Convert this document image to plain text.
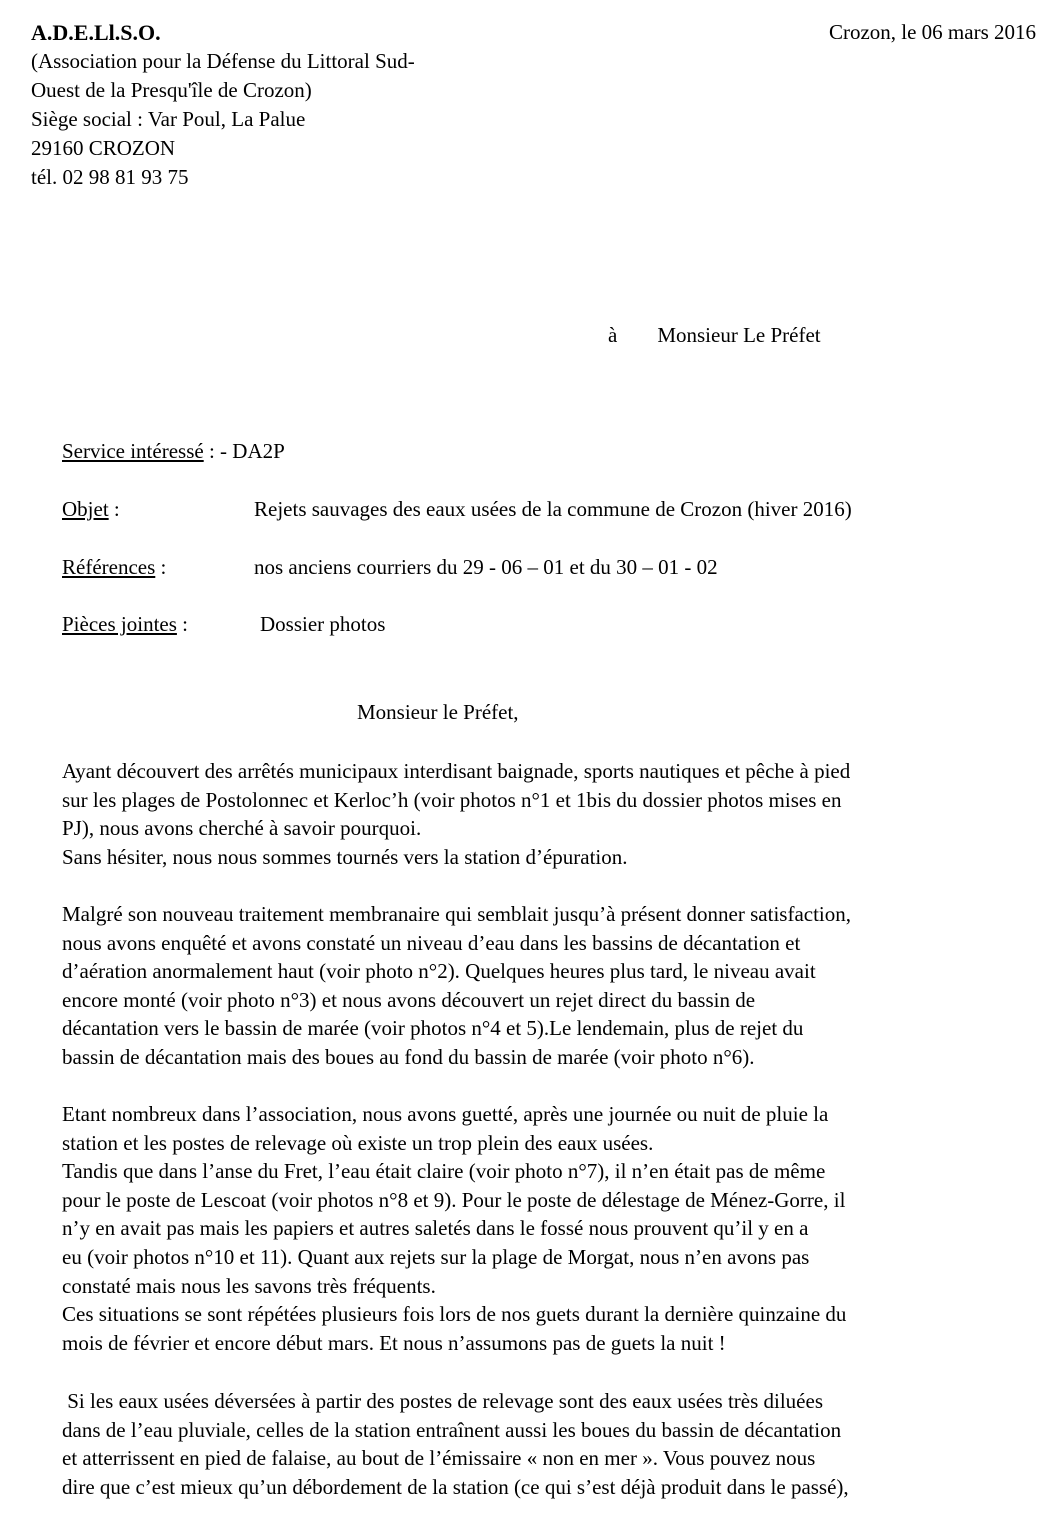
A.D.E.Ll.S.O.
(Association pour la Défense du Littoral Sud-
Ouest de la Presqu'île de Crozon)
Siège social : Var Poul, La Palue
29160 CROZON
tél. 02 98 81 93 75
Crozon, le 06 mars 2016
à Monsieur Le Préfet
Service intéressé : - DA2P
Objet :	Rejets sauvages des eaux usées de la commune de Crozon (hiver 2016)
Références :	nos anciens courriers du 29 - 06 – 01 et du 30 – 01 - 02
Pièces jointes :	Dossier photos
Monsieur le Préfet,
Ayant découvert des arrêtés municipaux interdisant baignade, sports nautiques et pêche à pied
sur les plages de Postolonnec et Kerloc’h (voir photos n°1 et 1bis du dossier photos mises en
PJ), nous avons cherché à savoir pourquoi.
Sans hésiter, nous nous sommes tournés vers la station d’épuration.
Malgré son nouveau traitement membranaire qui semblait jusqu’à présent donner satisfaction,
nous avons enquêté et avons constaté un niveau d’eau dans les bassins de décantation et
d’aération anormalement haut (voir photo n°2). Quelques heures plus tard, le niveau avait
encore monté (voir photo n°3) et nous avons découvert un rejet direct du bassin de
décantation vers le bassin de marée (voir photos n°4 et 5).Le lendemain, plus de rejet du
bassin de décantation mais des boues au fond du bassin de marée (voir photo n°6).
Etant nombreux dans l’association, nous avons guetté, après une journée ou nuit de pluie la
station et les postes de relevage où existe un trop plein des eaux usées.
Tandis que dans l’anse du Fret, l’eau était claire (voir photo n°7), il n’en était pas de même
pour le poste de Lescoat (voir photos n°8 et 9). Pour le poste de délestage de Ménez-Gorre, il
n’y en avait pas mais les papiers et autres saletés dans le fossé nous prouvent qu’il y en a
eu (voir photos n°10 et 11). Quant aux rejets sur la plage de Morgat, nous n’en avons pas
constaté mais nous les savons très fréquents.
Ces situations se sont répétées plusieurs fois lors de nos guets durant la dernière quinzaine du
mois de février et encore début mars. Et nous n’assumons pas de guets la nuit !
Si les eaux usées déversées à partir des postes de relevage sont des eaux usées très diluées
dans de l’eau pluviale, celles de la station entraînent aussi les boues du bassin de décantation
et atterrissent en pied de falaise, au bout de l’émissaire « non en mer ». Vous pouvez nous
dire que c’est mieux qu’un débordement de la station (ce qui s’est déjà produit dans le passé),
